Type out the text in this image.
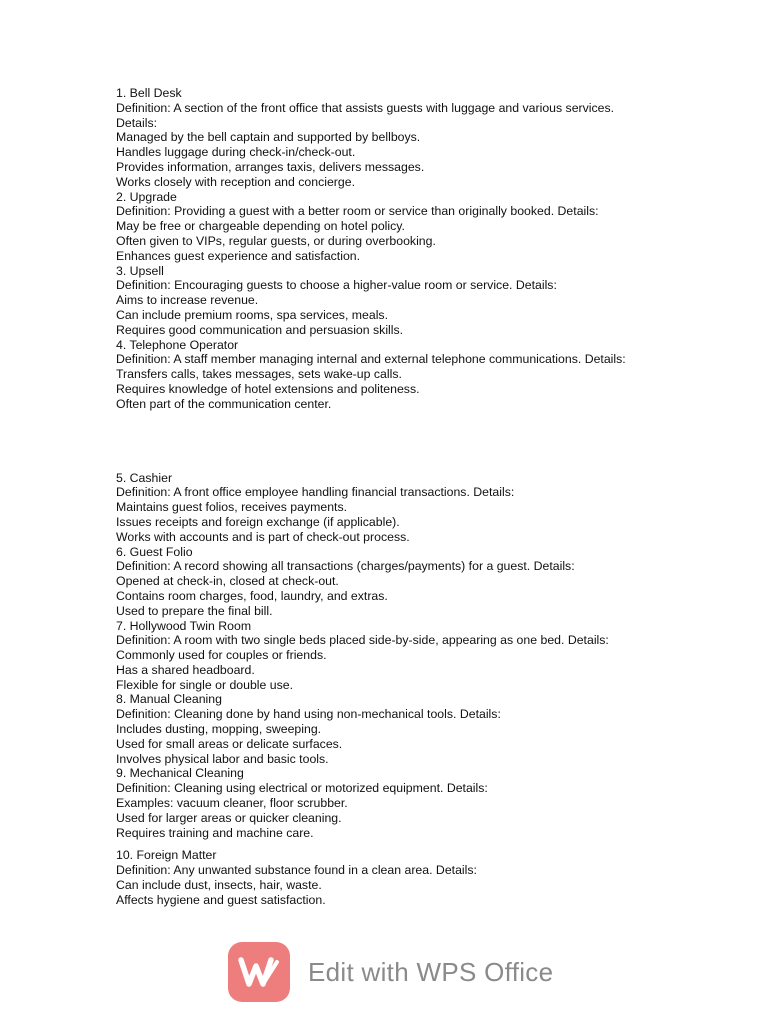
1. Bell Desk

Definition: A section of the front office that assists guests with luggage and various services.

Details:

Managed by the bell captain and supported by bellboys.

Handles luggage during check-in/check-out.

Provides information, arranges taxis, delivers messages.

Works closely with reception and concierge.

2. Upgrade

Definition: Providing a guest with a better room or service than originally booked. Details:

May be free or chargeable depending on hotel policy.

Often given to VIPs, regular guests, or during overbooking.

Enhances guest experience and satisfaction.

3. Upsell

Definition: Encouraging guests to choose a higher-value room or service. Details:

Aims to increase revenue.

Can include premium rooms, spa services, meals.

Requires good communication and persuasion skills.

4. Telephone Operator

Definition: A staff member managing internal and external telephone communications. Details:

Transfers calls, takes messages, sets wake-up calls.

Requires knowledge of hotel extensions and politeness.

Often part of the communication center.

5. Cashier

Definition: A front office employee handling financial transactions. Details:

Maintains guest folios, receives payments.

Issues receipts and foreign exchange (if applicable).

Works with accounts and is part of check-out process.

6. Guest Folio

Definition: A record showing all transactions (charges/payments) for a guest. Details:

Opened at check-in, closed at check-out.

Contains room charges, food, laundry, and extras.

Used to prepare the final bill.

7. Hollywood Twin Room

Definition: A room with two single beds placed side-by-side, appearing as one bed. Details:

Commonly used for couples or friends.

Has a shared headboard.

Flexible for single or double use.

8. Manual Cleaning

Definition: Cleaning done by hand using non-mechanical tools. Details:

Includes dusting, mopping, sweeping.

Used for small areas or delicate surfaces.

Involves physical labor and basic tools.

9. Mechanical Cleaning

Definition: Cleaning using electrical or motorized equipment. Details:

Examples: vacuum cleaner, floor scrubber.

Used for larger areas or quicker cleaning.

Requires training and machine care.

10. Foreign Matter

Definition: Any unwanted substance found in a clean area. Details:

Can include dust, insects, hair, waste.

Affects hygiene and guest satisfaction.

Edit with WPS Office
